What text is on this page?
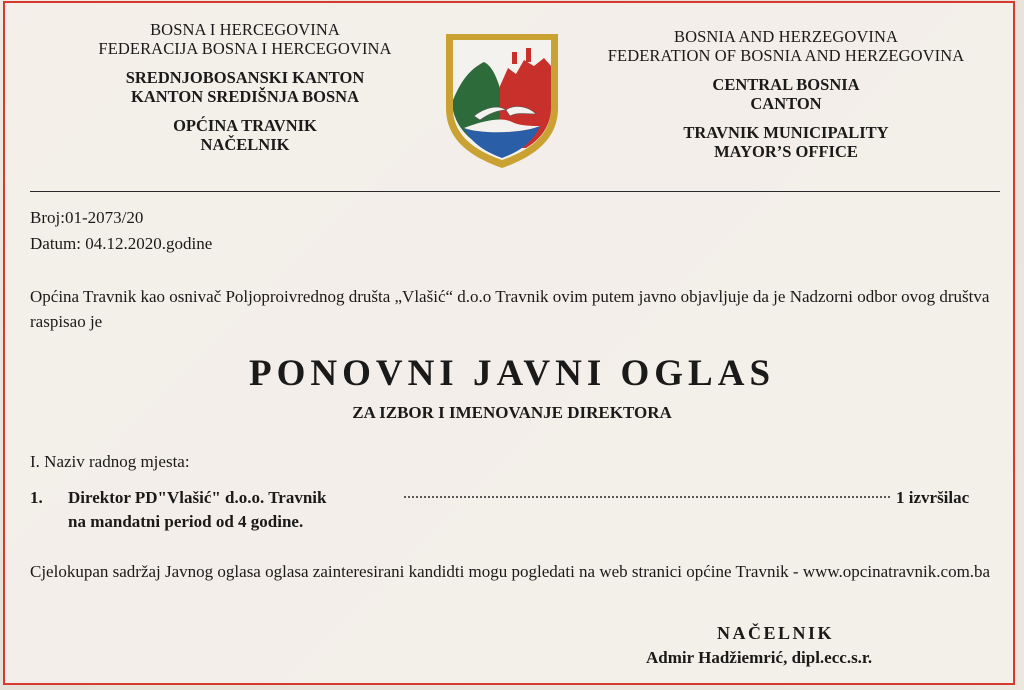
BOSNA I HERCEGOVINA
FEDERACIJA BOSNA I HERCEGOVINA
SREDNJOBOSANSKI KANTON
KANTON SREDIŠNJA BOSNA
OPĆINA TRAVNIK
NAČELNIK
BOSNIA AND HERZEGOVINA
FEDERATION OF BOSNIA AND HERZEGOVINA
CENTRAL BOSNIA
CANTON
TRAVNIK MUNICIPALITY
MAYOR’S OFFICE
Broj:01-2073/20
Datum: 04.12.2020.godine
Općina Travnik kao osnivač Poljoproivrednog društa „Vlašić“ d.o.o Travnik ovim putem javno objavljuje da je Nadzorni odbor ovog društva raspisao je
PONOVNI JAVNI OGLAS
ZA IZBOR I IMENOVANJE DIREKTORA
I. Naziv radnog mjesta:
1. Direktor PD"Vlašić" d.o.o. Travnik	1 izvršilac
na mandatni period od 4 godine.
Cjelokupan sadržaj Javnog oglasa oglasa zainteresirani kandidti mogu pogledati na web stranici općine Travnik - www.opcinatravnik.com.ba
NAČELNIK
Admir Hadžiemrić, dipl.ecc.s.r.
